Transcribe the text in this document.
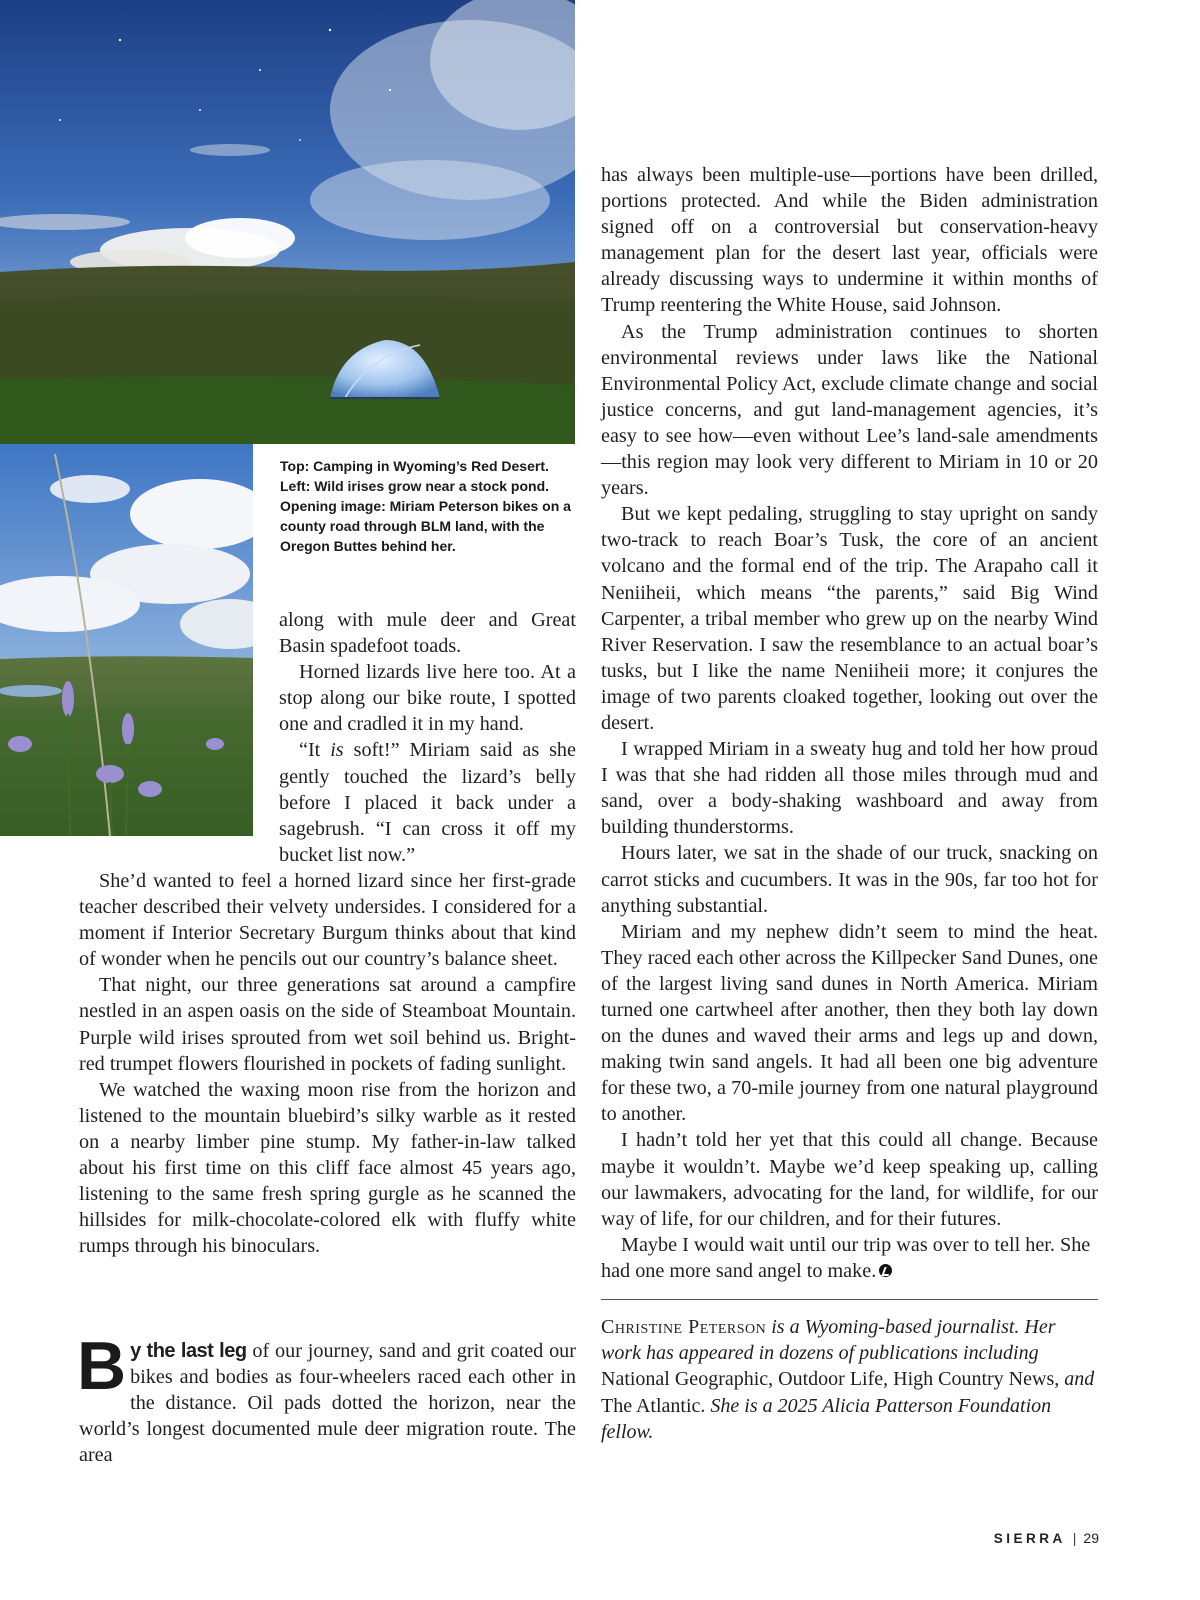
Top: Camping in Wyoming’s Red Desert. Left: Wild irises grow near a stock pond. Opening image: Miriam Peterson bikes on a county road through BLM land, with the Oregon Buttes behind her.

along with mule deer and Great Basin spadefoot toads.

Horned lizards live here too. At a stop along our bike route, I spotted one and cradled it in my hand.

“It is soft!” Miriam said as she gently touched the lizard’s belly before I placed it back under a sagebrush. “I can cross it off my bucket list now.”

She’d wanted to feel a horned lizard since her first-grade teacher described their velvety undersides. I considered for a moment if Interior Secretary Burgum thinks about that kind of wonder when he pencils out our country’s balance sheet.

That night, our three generations sat around a campfire nestled in an aspen oasis on the side of Steamboat Mountain. Purple wild irises sprouted from wet soil behind us. Bright-red trumpet flowers flourished in pockets of fading sunlight.

We watched the waxing moon rise from the horizon and listened to the mountain bluebird’s silky warble as it rested on a nearby limber pine stump. My father-in-law talked about his first time on this cliff face almost 45 years ago, listening to the same fresh spring gurgle as he scanned the hillsides for milk-chocolate-colored elk with fluffy white rumps through his binoculars.

By the last leg of our journey, sand and grit coated our bikes and bodies as four-wheelers raced each other in the distance. Oil pads dotted the horizon, near the world’s longest documented mule deer migration route. The area

has always been multiple-use—portions have been drilled, portions protected. And while the Biden administration signed off on a controversial but conservation-heavy management plan for the desert last year, officials were already discussing ways to undermine it within months of Trump reentering the White House, said Johnson.

As the Trump administration continues to shorten environmental reviews under laws like the National Environmental Policy Act, exclude climate change and social justice concerns, and gut land-management agencies, it’s easy to see how—even without Lee’s land-sale amendments—this region may look very different to Miriam in 10 or 20 years.

But we kept pedaling, struggling to stay upright on sandy two-track to reach Boar’s Tusk, the core of an ancient volcano and the formal end of the trip. The Arapaho call it Neniiheii, which means “the parents,” said Big Wind Carpenter, a tribal member who grew up on the nearby Wind River Reservation. I saw the resemblance to an actual boar’s tusks, but I like the name Neniiheii more; it conjures the image of two parents cloaked together, looking out over the desert.

I wrapped Miriam in a sweaty hug and told her how proud I was that she had ridden all those miles through mud and sand, over a body-shaking washboard and away from building thunderstorms.

Hours later, we sat in the shade of our truck, snacking on carrot sticks and cucumbers. It was in the 90s, far too hot for anything substantial.

Miriam and my nephew didn’t seem to mind the heat. They raced each other across the Killpecker Sand Dunes, one of the largest living sand dunes in North America. Miriam turned one cartwheel after another, then they both lay down on the dunes and waved their arms and legs up and down, making twin sand angels. It had all been one big adventure for these two, a 70-mile journey from one natural playground to another.

I hadn’t told her yet that this could all change. Because maybe it wouldn’t. Maybe we’d keep speaking up, calling our lawmakers, advocating for the land, for wildlife, for our way of life, for our children, and for their futures.

Maybe I would wait until our trip was over to tell her. She had one more sand angel to make.

Christine Peterson is a Wyoming-based journalist. Her work has appeared in dozens of publications including National Geographic, Outdoor Life, High Country News, and The Atlantic. She is a 2025 Alicia Patterson Foundation fellow.
SIERRA | 29
